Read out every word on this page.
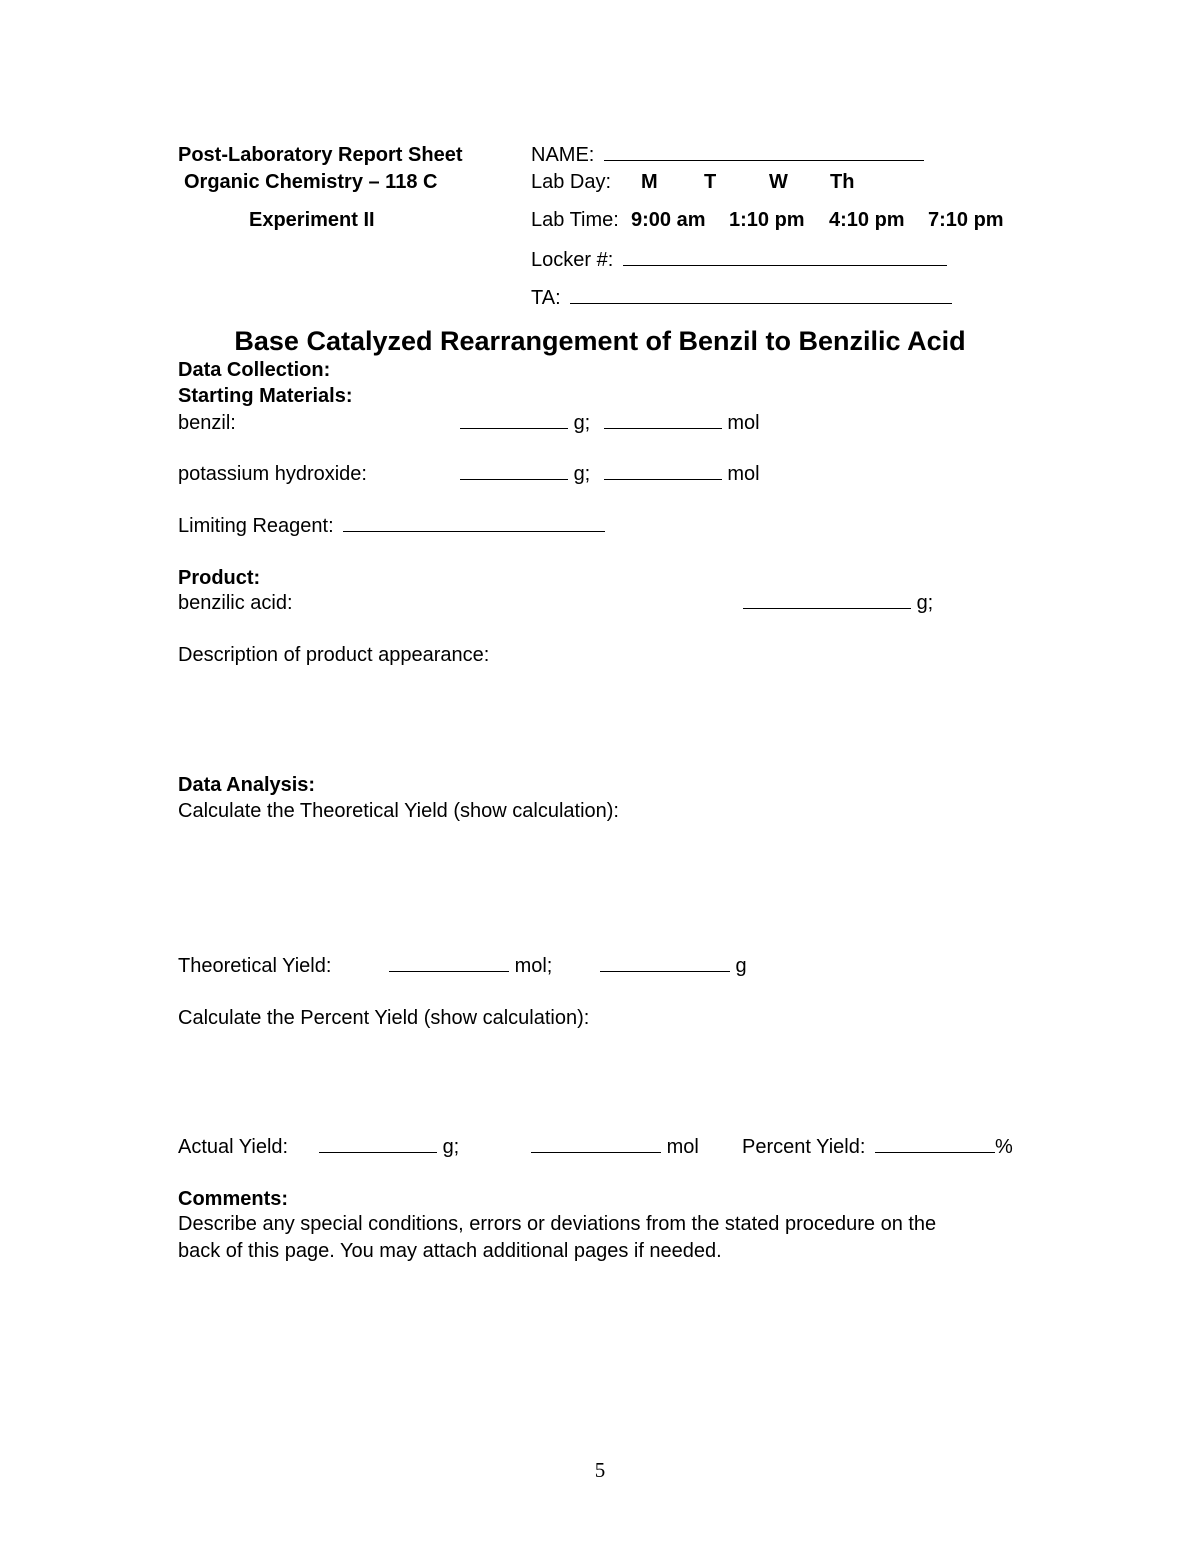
Post-Laboratory Report Sheet
Organic Chemistry – 118 C
Experiment II
NAME:
Lab Day: M T	W Th
Lab Time: 9:00 am 1:10 pm 4:10 pm 7:10 pm
Locker #:
TA:
Base Catalyzed Rearrangement of Benzil to Benzilic Acid
Data Collection:
Starting Materials:
benzil:	g;	mol
potassium hydroxide:	g;	mol
Limiting Reagent:
Product:
benzilic acid:	g;
Description of product appearance:
Data Analysis:
Calculate the Theoretical Yield (show calculation):
Theoretical Yield:	mol;	g
Calculate the Percent Yield (show calculation):
Actual Yield:	g;	mol Percent Yield:	%
Comments:
Describe any special conditions, errors or deviations from the stated procedure on the
back of this page. You may attach additional pages if needed.
5
